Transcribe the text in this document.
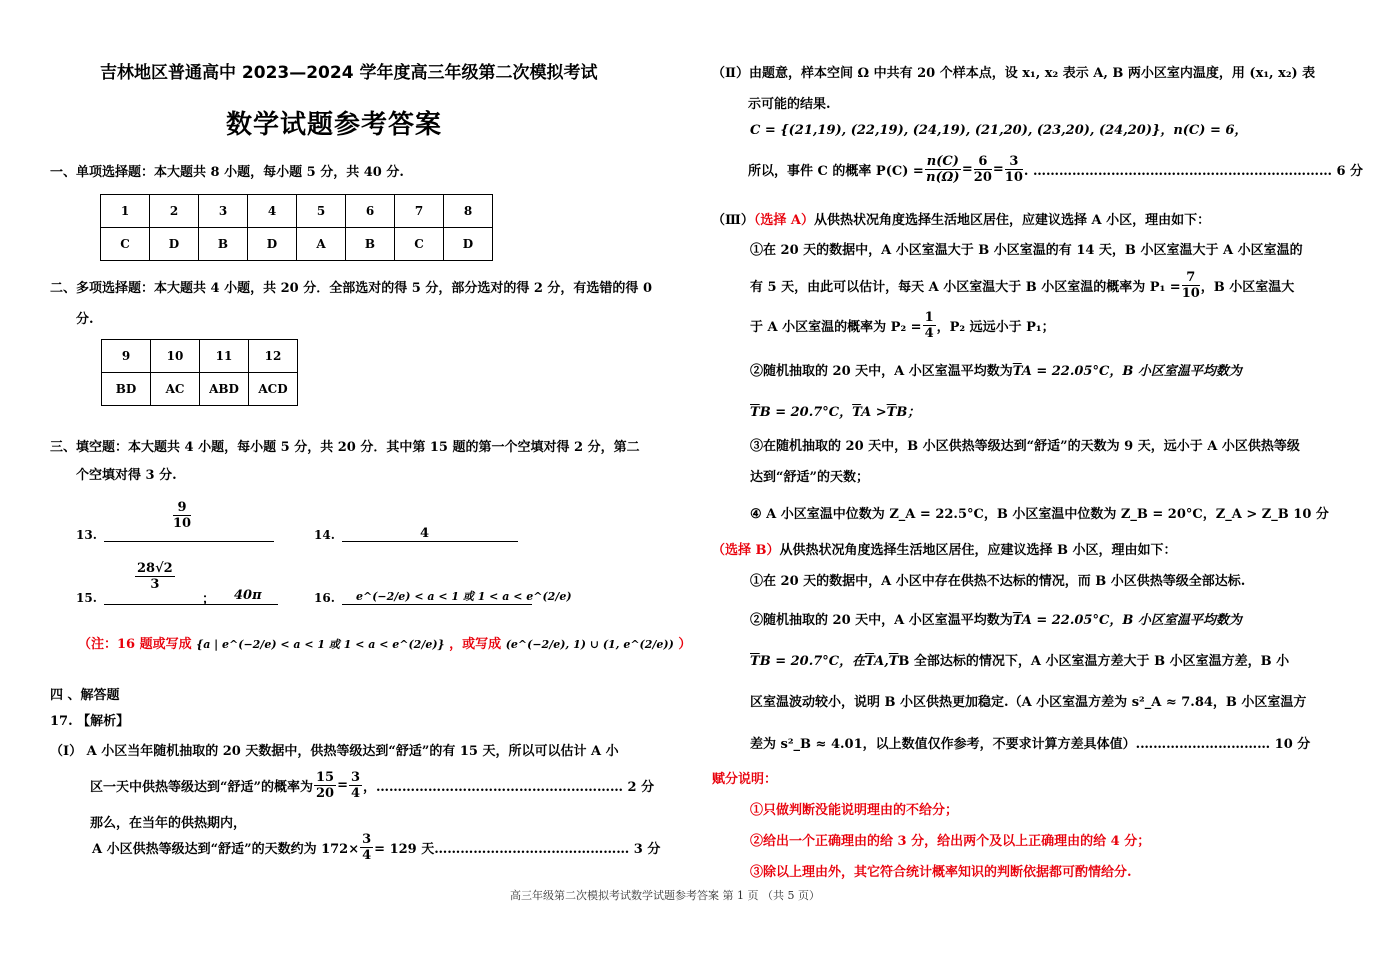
吉林地区普通高中 2023—2024 学年度高三年级第二次模拟考试
数学试题参考答案
一、单项选择题：本大题共 8 小题，每小题 5 分，共 40 分.
1	2	3	4	5	6	7	8
C	D	B	D	A	B	C	D
二、多项选择题：本大题共 4 小题，共 20 分．全部选对的得 5 分，部分选对的得 2 分，有选错的得 0
分.
9	10	11	12
BD	AC	ABD	ACD
三、填空题：本大题共 4 小题，每小题 5 分，共 20 分．其中第 15 题的第一个空填对得 2 分，第二
个空填对得 3 分.
13.
$\frac{9}{10}$
14.	4
15.
$\frac{28√2}{3}$
； 40π	16. e^(−2/e) < a < 1 或 1 < a < e^(2/e)
（注：16 题或写成 {a | e^(−2/e) < a < 1 或 1 < a < e^(2/e)} ，或写成 (e^(−2/e), 1) ∪ (1, e^(2/e)) ）
四 、解答题
17. 【解析】
（Ⅰ） A 小区当年随机抽取的 20 天数据中，供热等级达到“舒适”的有 15 天，所以可以估计 A 小
区一天中供热等级达到“舒适”的概率为 $\frac{15}{20} = \frac{3}{4}$ ，………………………………………………… 2 分
那么，在当年的供热期内，
A 小区供热等级达到“舒适”的天数约为 $172\times \frac{3}{4} = 129$ 天……………………………………… 3 分
（Ⅱ）由题意，样本空间 Ω 中共有 20 个样本点，设 x₁, x₂ 表示 A, B 两小区室内温度，用 (x₁, x₂) 表
示可能的结果.
C = {(21,19), (22,19), (24,19), (21,20), (23,20), (24,20)}，n(C) = 6，
所以，事件 C 的概率 $P(C) = \frac{n(C)}{n(\Omega)} = \frac{6}{20} = \frac{3}{10}$ . …………………………………………………………… 6 分
（Ⅲ）（选择 A）从供热状况角度选择生活地区居住，应建议选择 A 小区，理由如下：
①在 20 天的数据中，A 小区室温大于 B 小区室温的有 14 天，B 小区室温大于 A 小区室温的
有 5 天，由此可以估计，每天 A 小区室温大于 B 小区室温的概率为 $P_1 = \frac{7}{10}$ ，B 小区室温大
于 A 小区室温的概率为 $P_2 = \frac{1}{4}$ ，P₂ 远远小于 P₁；
②随机抽取的 20 天中，A 小区室温平均数为$\overline{T}A = 22.05^\circ C$，B 小区室温平均数为
$\overline{T}B = 20.7^\circ C$，$\overline{T}A >\overline{T}B$；
③在随机抽取的 20 天中，B 小区供热等级达到“舒适”的天数为 9 天，远小于 A 小区供热等级
达到“舒适”的天数；
④ A 小区室温中位数为 Z_A = 22.5°C，B 小区室温中位数为 Z_B = 20°C，Z_A > Z_B 10 分
（选择 B）从供热状况角度选择生活地区居住，应建议选择 B 小区，理由如下：
①在 20 天的数据中，A 小区中存在供热不达标的情况，而 B 小区供热等级全部达标.
②随机抽取的 20 天中，A 小区室温平均数为$\overline{T}A = 22.05^\circ C$，B 小区室温平均数为
$\overline{T}B = 20.7^\circ C$，在$\overline{T}A,\overline{T}B$ 全部达标的情况下，A 小区室温方差大于 B 小区室温方差，B 小
区室温波动较小，说明 B 小区供热更加稳定.（A 小区室温方差为 s²_A ≈ 7.84，B 小区室温方
差为 s²_B ≈ 4.01，以上数值仅作参考，不要求计算方差具体值）.………………………… 10 分
赋分说明：
①只做判断没能说明理由的不给分；
②给出一个正确理由的给 3 分，给出两个及以上正确理由的给 4 分；
③除以上理由外，其它符合统计概率知识的判断依据都可酌情给分.
高三年级第二次模拟考试数学试题参考答案 第 1 页 （共 5 页）
